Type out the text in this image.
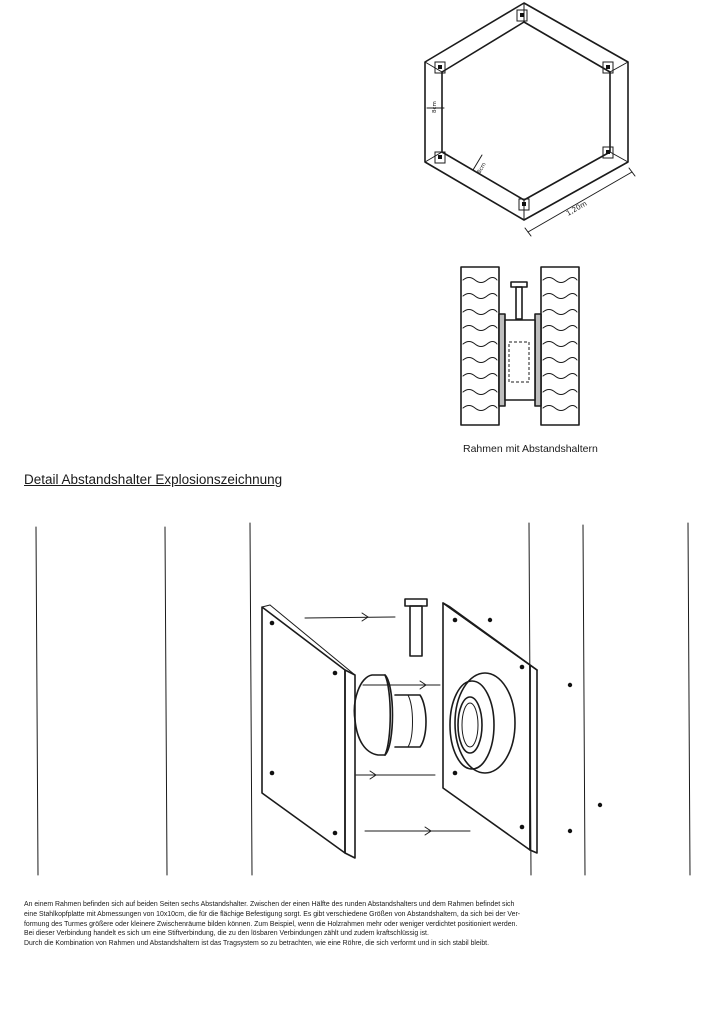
1,20m
8cm
8cm
Rahmen mit Abstandshaltern
Detail Abstandshalter Explosionszeichnung

An einem Rahmen befinden sich auf beiden Seiten sechs Abstandshalter. Zwischen der einen Hälfte des runden Abstandshalters und dem Rahmen befindet sich

eine Stahlkopfplatte mit Abmessungen von 10x10cm, die für die flächige Befestigung sorgt. Es gibt verschiedene Größen von Abstandshaltern, da sich bei der Ver-

formung des Turmes größere oder kleinere Zwischenräume bilden können. Zum Beispiel, wenn die Holzrahmen mehr oder weniger verdichtet positioniert werden.

Bei dieser Verbindung handelt es sich um eine Stiftverbindung, die zu den lösbaren Verbindungen zählt und zudem kraftschlüssig ist.

Durch die Kombination von Rahmen und Abstandshaltern ist das Tragsystem so zu betrachten, wie eine Röhre, die sich verformt und in sich stabil bleibt.
